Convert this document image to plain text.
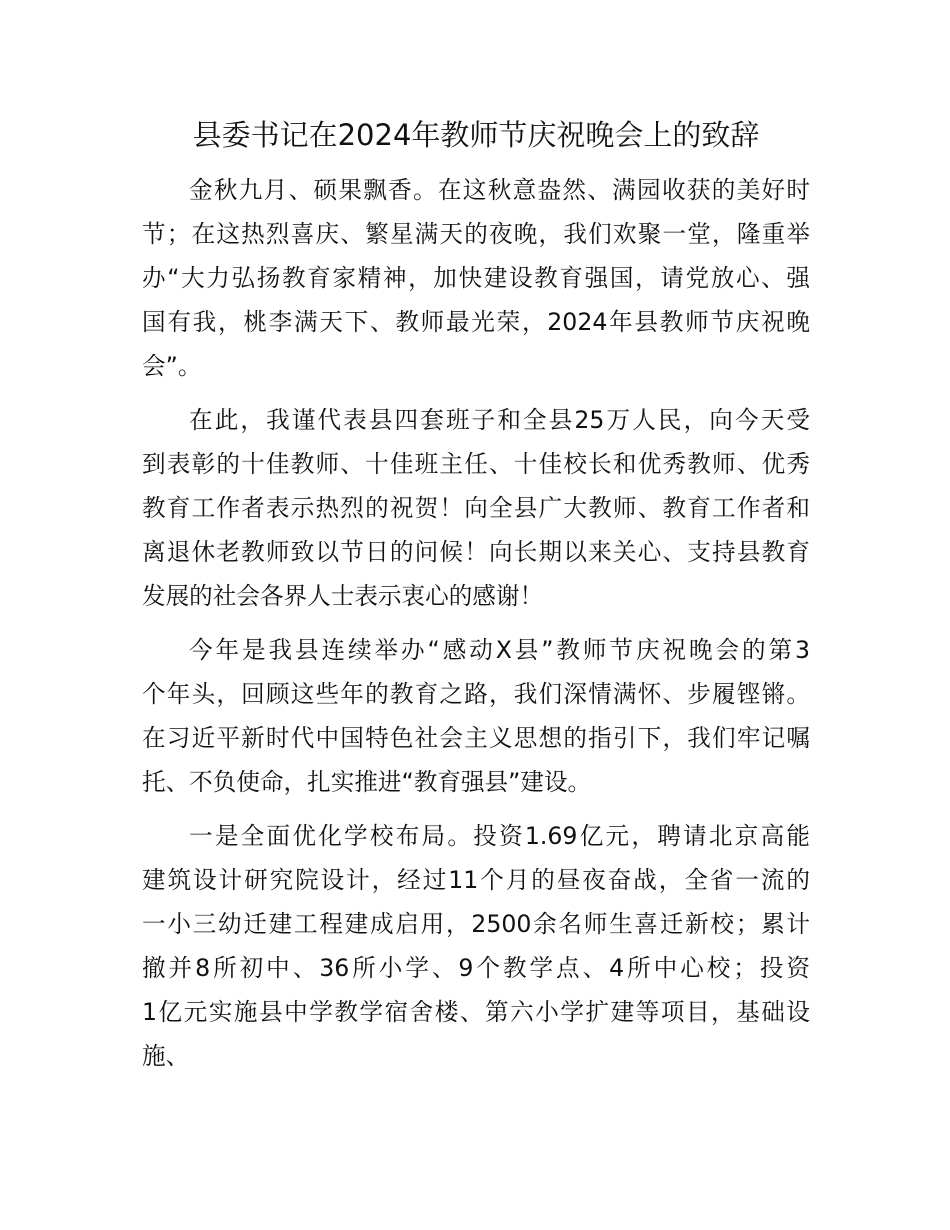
县委书记在2024年教师节庆祝晚会上的致辞
金秋九月、硕果飘香。在这秋意盎然、满园收获的美好时
节；在这热烈喜庆、繁星满天的夜晚，我们欢聚一堂，隆重举
办“大力弘扬教育家精神，加快建设教育强国，请党放心、强
国有我，桃李满天下、教师最光荣，2024年县教师节庆祝晚
会”。
在此，我谨代表县四套班子和全县25万人民，向今天受
到表彰的十佳教师、十佳班主任、十佳校长和优秀教师、优秀
教育工作者表示热烈的祝贺！向全县广大教师、教育工作者和
离退休老教师致以节日的问候！向长期以来关心、支持县教育
发展的社会各界人士表示衷心的感谢！
今年是我县连续举办“感动X县”教师节庆祝晚会的第3
个年头，回顾这些年的教育之路，我们深情满怀、步履铿锵。
在习近平新时代中国特色社会主义思想的指引下，我们牢记嘱
托、不负使命，扎实推进“教育强县”建设。
一是全面优化学校布局。投资1.69亿元，聘请北京高能
建筑设计研究院设计，经过11个月的昼夜奋战，全省一流的
一小三幼迁建工程建成启用，2500余名师生喜迁新校；累计
撤并8所初中、36所小学、9个教学点、4所中心校；投资
1亿元实施县中学教学宿舍楼、第六小学扩建等项目，基础设
施、
